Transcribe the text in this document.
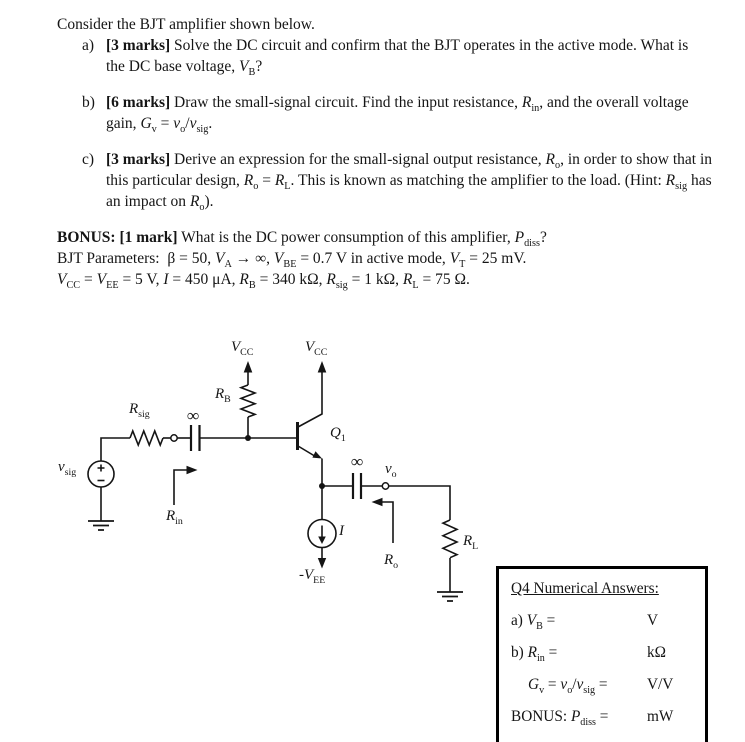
Consider the BJT amplifier shown below.

a) [3 marks] Solve the DC circuit and confirm that the BJT operates in the active mode. What is
the DC base voltage, $V_B$?
b) [6 marks] Draw the small-signal circuit. Find the input resistance, $R_{in}$, and the overall voltage
gain, $G_v = v_o/v_{sig}$.
c) [3 marks] Derive an expression for the small-signal output resistance, $R_o$, in order to show that in
this particular design, $R_o = R_L$. This is known as matching the amplifier to the load. (Hint: $R_{sig}$ has
an impact on $R_o$).

BONUS: [1 mark] What is the DC power consumption of this amplifier, $P_{diss}$?

BJT Parameters:  β = 50, $V_A$ → ∞, $V_{BE} = 0.7$ V in active mode, $V_T = 25$ mV.

$V_{CC} = V_{EE} = 5$ V, I = 450 μA, $R_B = 340$ kΩ, $R_{sig} = 1$ kΩ, $R_L = 75$ Ω.

$v_{sig}$
$R_{sig}$ ∞
$R_B$
$V_{CC}$	$V_{CC}$
$Q_1$
$R_{in}$
I
$-V_{EE}$
∞ $v_o$
$R_o$
$R_L$
Q4 Numerical Answers:
a) $V_B$ =	V
b) $R_{in}$ =	kΩ
$G_v = v_o/v_{sig}$ =	V/V
BONUS: $P_{diss}$ =	mW
